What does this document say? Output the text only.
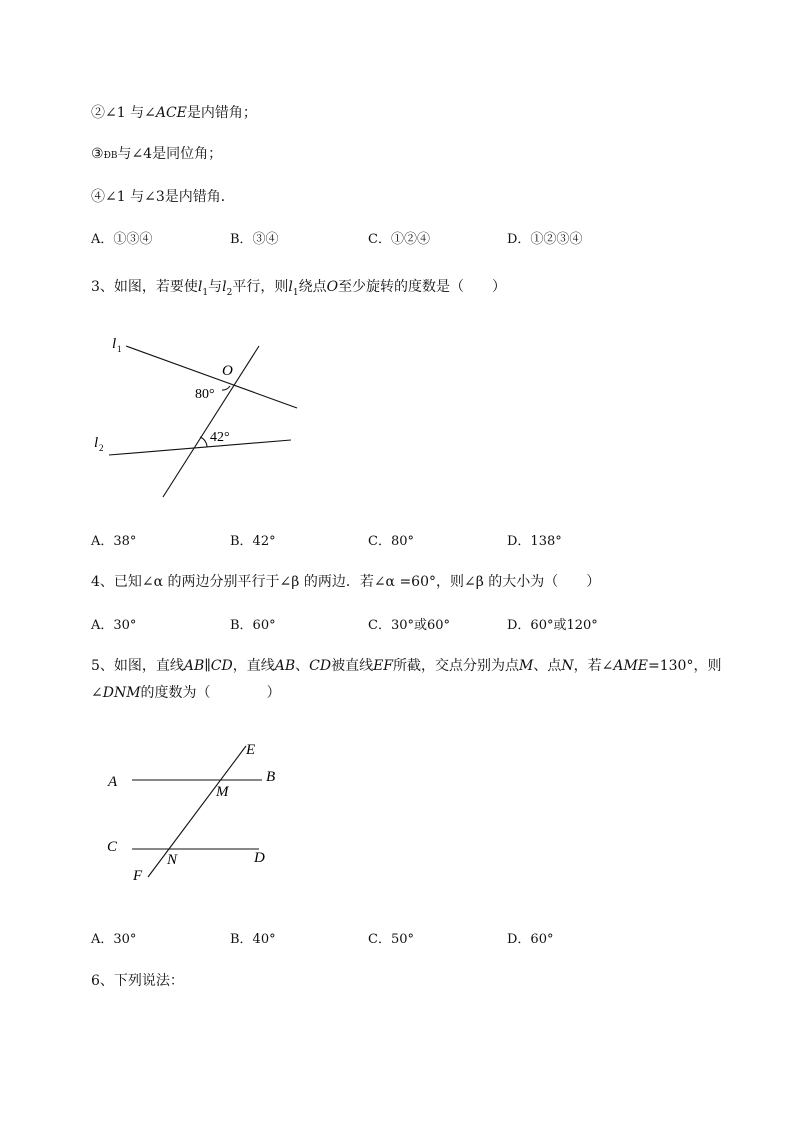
②∠1 与∠ACE是内错角；
③ÐB与∠4是同位角；
④∠1 与∠3是内错角．
A．①③④	B．③④	C．①②④	D．①②③④
3、如图，若要使$l_1$与$l_2$平行，则$l_1$绕点O至少旋转的度数是（　　）
l 1
l 2
O
80°
42°
A．38°	B．42°	C．80°	D．138°
4、已知∠α 的两边分别平行于∠β 的两边．若∠α =60°，则∠β 的大小为（　　）
A．30°	B．60°	C．30°或60°	D．60°或120°
5、如图，直线AB∥CD，直线AB、CD被直线EF所截，交点分别为点M、点N，若∠AME=130°，则
∠DNM的度数为（　　　　）
A	B
C
D
E
F
M
N
A．30°	B．40°	C．50°	D．60°
6、下列说法：
